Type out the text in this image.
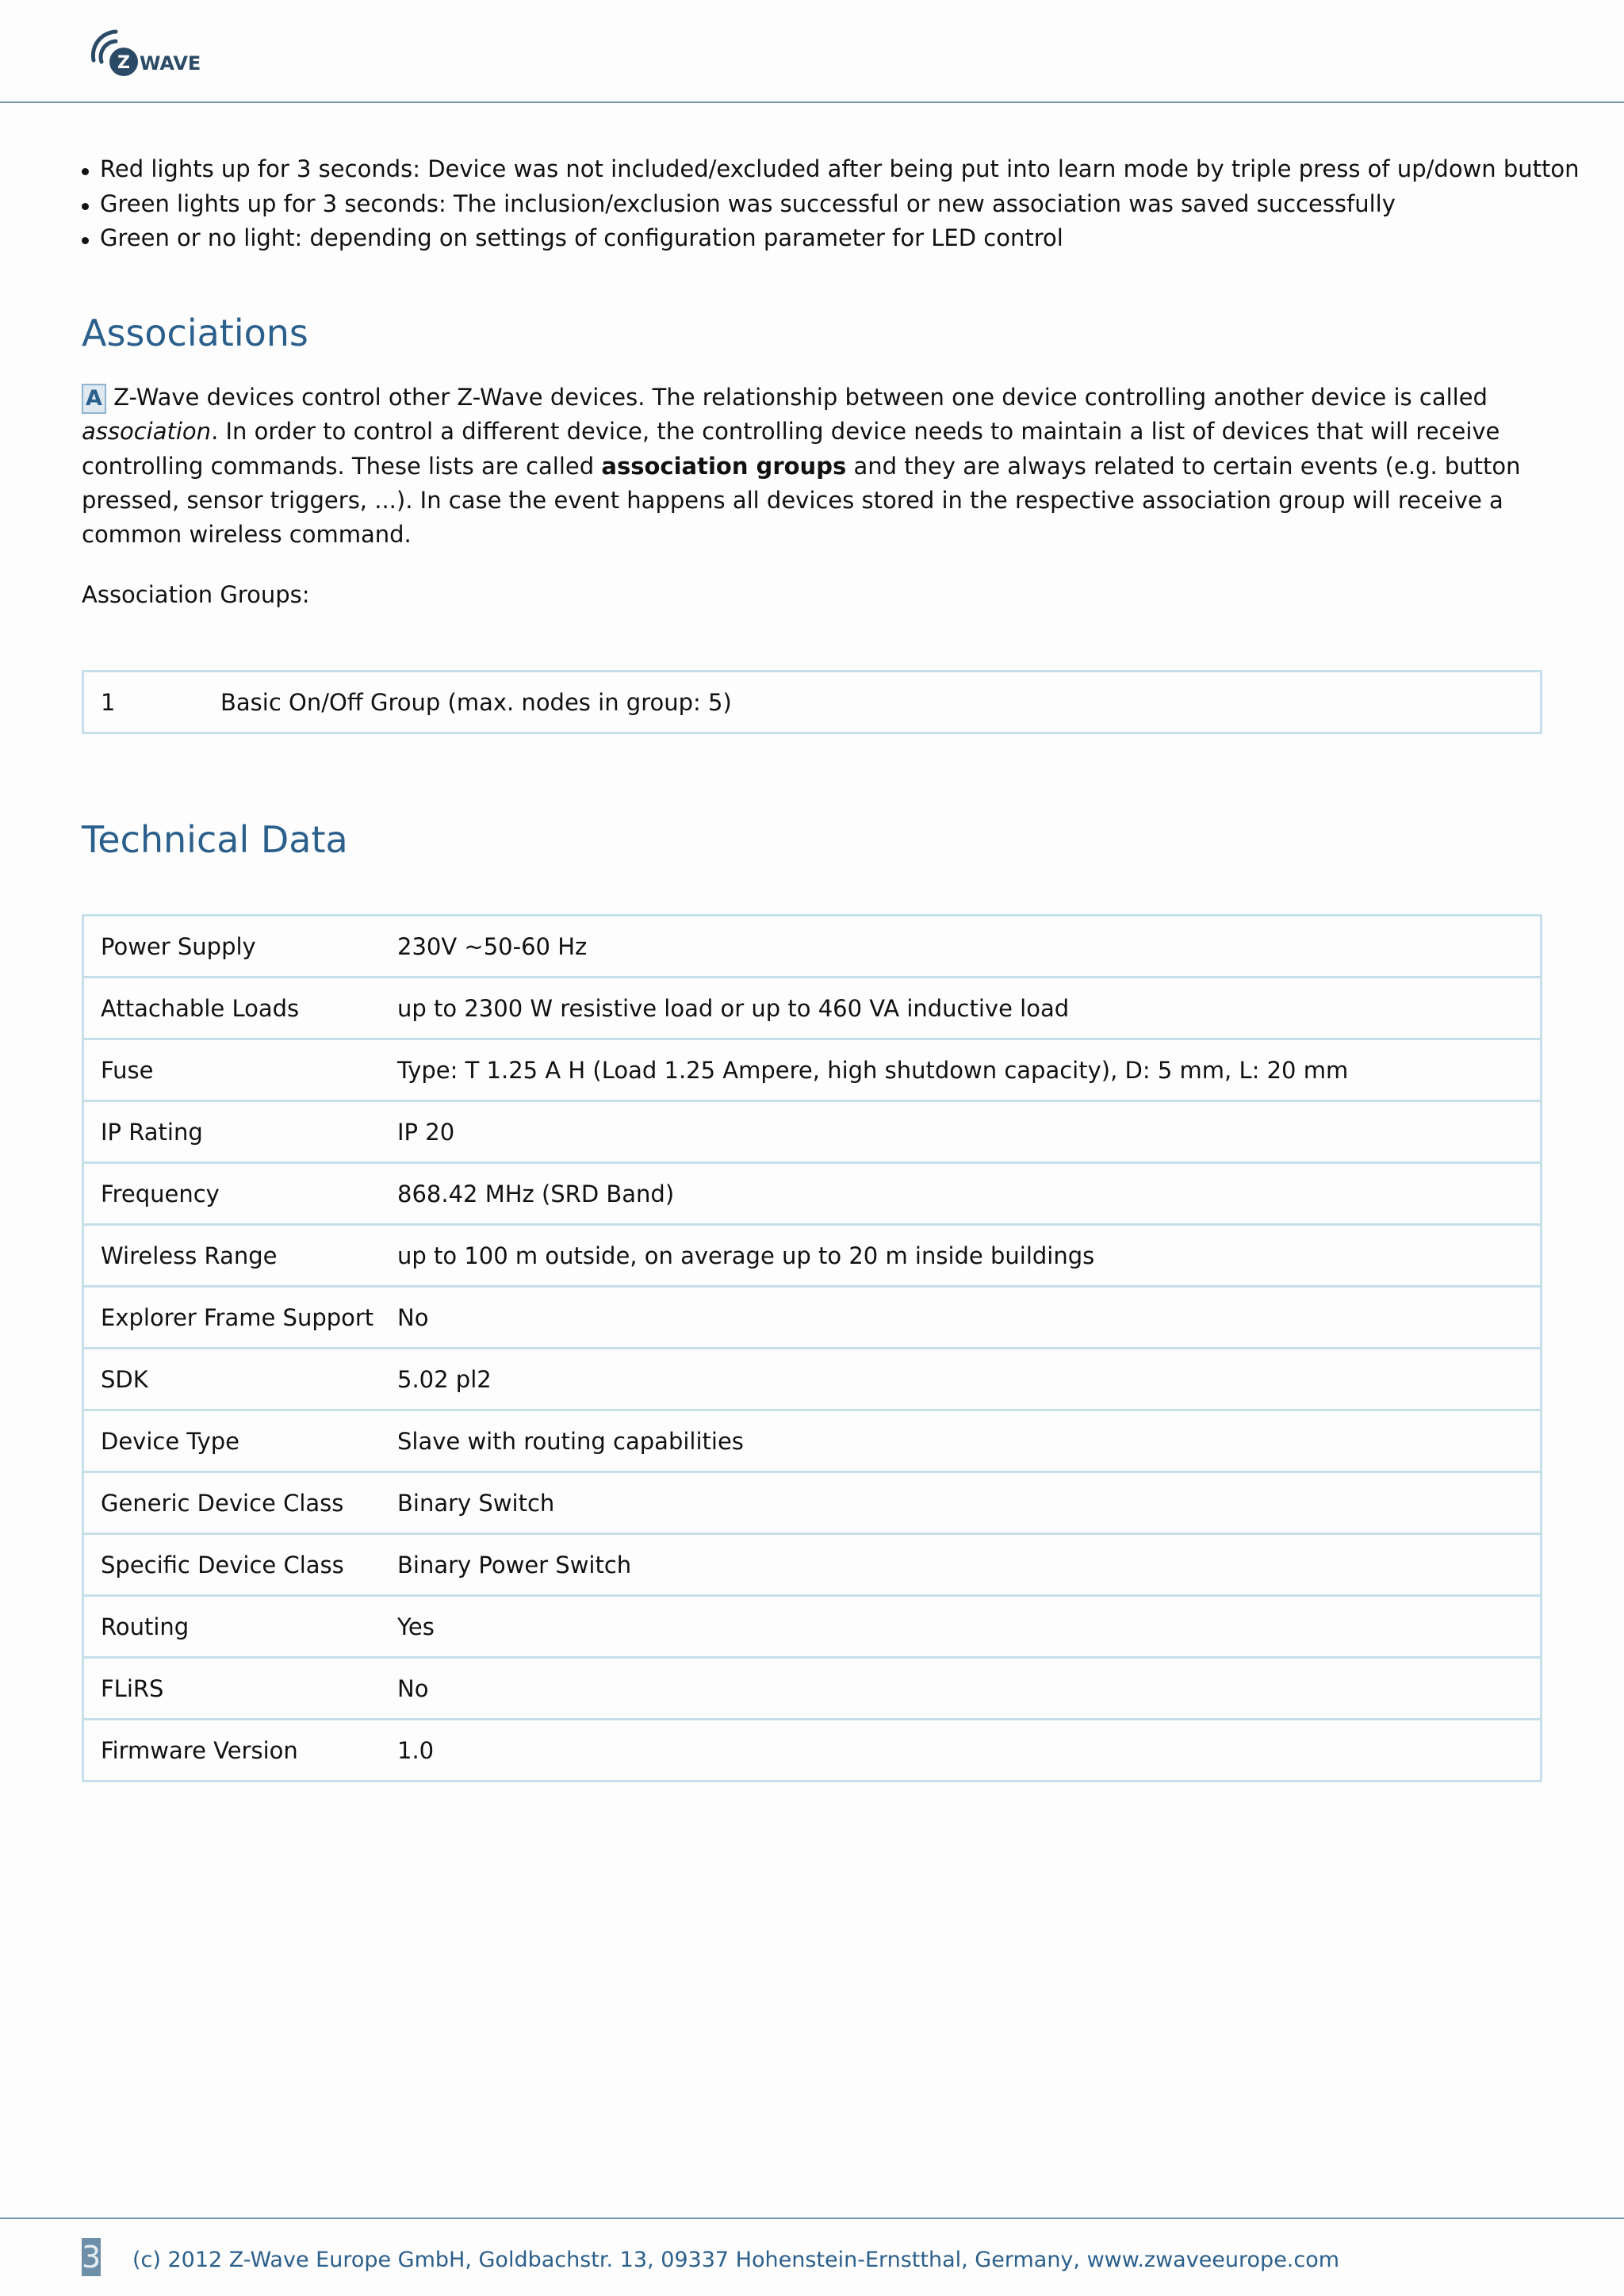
Z WAVE
Red lights up for 3 seconds: Device was not included/excluded after being put into learn mode by triple press of up/down button
Green lights up for 3 seconds: The inclusion/exclusion was successful or new association was saved successfully
Green or no light: depending on settings of configuration parameter for LED control
Associations

A Z-Wave devices control other Z-Wave devices. The relationship between one device controlling another device is called
association. In order to control a different device, the controlling device needs to maintain a list of devices that will receive
controlling commands. These lists are called association groups and they are always related to certain events (e.g. button
pressed, sensor triggers, ...). In case the event happens all devices stored in the respective association group will receive a
common wireless command.

Association Groups:
1	Basic On/Off Group (max. nodes in group: 5)
Technical Data
Power Supply	230V ~50-60 Hz
Attachable Loads	up to 2300 W resistive load or up to 460 VA inductive load
Fuse	Type: T 1.25 A H (Load 1.25 Ampere, high shutdown capacity), D: 5 mm, L: 20 mm
IP Rating	IP 20
Frequency	868.42 MHz (SRD Band)
Wireless Range	up to 100 m outside, on average up to 20 m inside buildings
Explorer Frame Support	No
SDK	5.02 pl2
Device Type	Slave with routing capabilities
Generic Device Class	Binary Switch
Specific Device Class	Binary Power Switch
Routing	Yes
FLiRS	No
Firmware Version	1.0
3 (c) 2012 Z-Wave Europe GmbH, Goldbachstr. 13, 09337 Hohenstein-Ernstthal, Germany, www.zwaveeurope.com
